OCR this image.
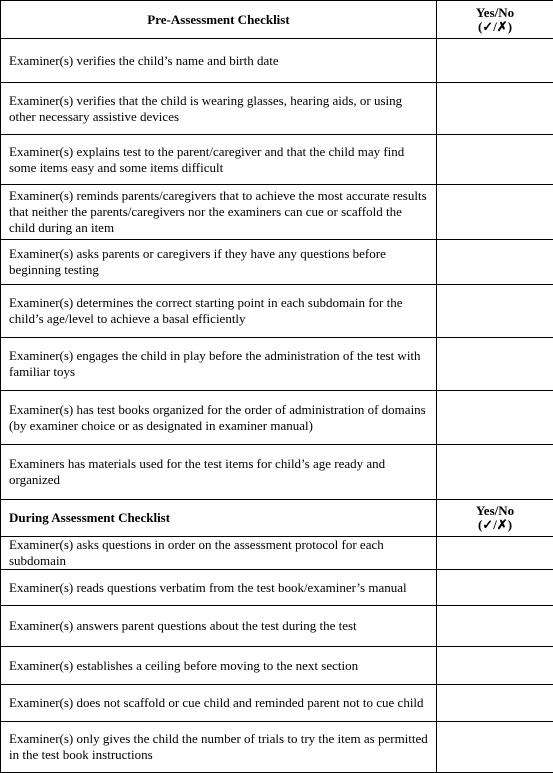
Pre-Assessment Checklist	Yes/No
(✓/✗)

Examiner(s) verifies the child’s name and birth date	
Examiner(s) verifies that the child is wearing glasses, hearing aids, or using other necessary assistive devices	
Examiner(s) explains test to the parent/caregiver and that the child may find some items easy and some items difficult	
Examiner(s) reminds parents/caregivers that to achieve the most accurate results that neither the parents/caregivers nor the examiners can cue or scaffold the child during an item	
Examiner(s) asks parents or caregivers if they have any questions before beginning testing	
Examiner(s) determines the correct starting point in each subdomain for the child’s age/level to achieve a basal efficiently	
Examiner(s) engages the child in play before the administration of the test with familiar toys	
Examiner(s) has test books organized for the order of administration of domains (by examiner choice or as designated in examiner manual)	
Examiners has materials used for the test items for child’s age ready and organized	
During Assessment Checklist	Yes/No
(✓/✗)

Examiner(s) asks questions in order on the assessment protocol for each subdomain	
Examiner(s) reads questions verbatim from the test book/examiner’s manual	
Examiner(s) answers parent questions about the test during the test	
Examiner(s) establishes a ceiling before moving to the next section	
Examiner(s) does not scaffold or cue child and reminded parent not to cue child	
Examiner(s) only gives the child the number of trials to try the item as permitted in the test book instructions	
